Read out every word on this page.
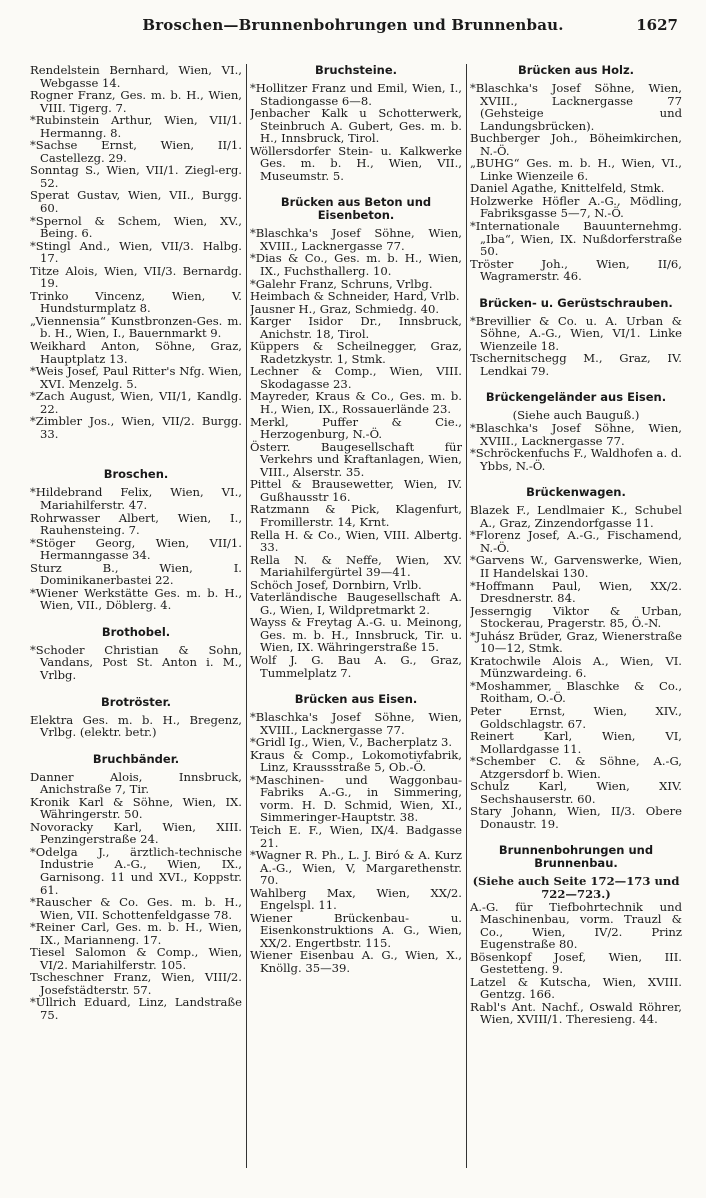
Broschen—Brunnenbohrungen und Brunnenbau.	1627
Rendelstein Bernhard, Wien, VI., Webgasse 14.
Rogner Franz, Ges. m. b. H., Wien, VIII. Tigerg. 7.
*Rubinstein Arthur, Wien, VII/1. Hermanng. 8.
*Sachse Ernst, Wien, II/1. Castellezg. 29.
Sonntag S., Wien, VII/1. Ziegl-erg. 52.
Sperat Gustav, Wien, VII., Burgg. 60.
*Spernol & Schem, Wien, XV., Being. 6.
*Stingl And., Wien, VII/3. Halbg. 17.
Titze Alois, Wien, VII/3. Bernardg. 19.
Trinko Vincenz, Wien, V. Hundsturmplatz 8.
„Viennensia“ Kunstbronzen-Ges. m. b. H., Wien, I., Bauernmarkt 9.
Weikhard Anton, Söhne, Graz, Hauptplatz 13.
*Weis Josef, Paul Ritter's Nfg. Wien, XVI. Menzelg. 5.
*Zach August, Wien, VII/1, Kandlg. 22.
*Zimbler Jos., Wien, VII/2. Burgg. 33.
Broschen.
*Hildebrand Felix, Wien, VI., Mariahilferstr. 47.
Rohrwasser Albert, Wien, I., Rauhensteing. 7.
*Stöger Georg, Wien, VII/1. Hermanngasse 34.
Sturz B., Wien, I. Dominikanerbastei 22.
*Wiener Werkstätte Ges. m. b. H., Wien, VII., Döblerg. 4.
Brothobel.
*Schoder Christian & Sohn, Vandans, Post St. Anton i. M., Vrlbg.
Brotröster.
Elektra Ges. m. b. H., Bregenz, Vrlbg. (elektr. betr.)
Bruchbänder.
Danner Alois, Innsbruck, Anichstraße 7, Tir.
Kronik Karl & Söhne, Wien, IX. Währingerstr. 50.
Novoracky Karl, Wien, XIII. Penzingerstraße 24.
*Odelga J., ärztlich-technische Industrie A.-G., Wien, IX., Garnisong. 11 und XVI., Koppstr. 61.
*Rauscher & Co. Ges. m. b. H., Wien, VII. Schottenfeldgasse 78.
*Reiner Carl, Ges. m. b. H., Wien, IX., Marianneng. 17.
Tiesel Salomon & Comp., Wien, VI/2. Mariahilferstr. 105.
Tscheschner Franz, Wien, VIII/2. Josefstädterstr. 57.
*Ullrich Eduard, Linz, Landstraße 75.
Bruchsteine.
*Hollitzer Franz und Emil, Wien, I., Stadiongasse 6—8.
Jenbacher Kalk u Schotterwerk, Steinbruch A. Gubert, Ges. m. b. H., Innsbruck, Tirol.
Wöllersdorfer Stein- u. Kalkwerke Ges. m. b. H., Wien, VII., Museumstr. 5.
Brücken aus Beton und Eisenbeton.
*Blaschka's Josef Söhne, Wien, XVIII., Lacknergasse 77.
*Dias & Co., Ges. m. b. H., Wien, IX., Fuchsthallerg. 10.
*Galehr Franz, Schruns, Vrlbg.
Heimbach & Schneider, Hard, Vrlb.
Jausner H., Graz, Schmiedg. 40.
Karger Isidor Dr., Innsbruck, Anichstr. 18, Tirol.
Küppers & Scheilnegger, Graz, Radetzkystr. 1, Stmk.
Lechner & Comp., Wien, VIII. Skodagasse 23.
Mayreder, Kraus & Co., Ges. m. b. H., Wien, IX., Rossauerlände 23.
Merkl, Puffer & Cie., Herzogenburg, N.-Ö.
Österr. Baugesellschaft für Verkehrs und Kraftanlagen, Wien, VIII., Alserstr. 35.
Pittel & Brausewetter, Wien, IV. Gußhausstr 16.
Ratzmann & Pick, Klagenfurt, Fromillerstr. 14, Krnt.
Rella H. & Co., Wien, VIII. Albertg. 33.
Rella N. & Neffe, Wien, XV. Mariahilfergürtel 39—41.
Schöch Josef, Dornbirn, Vrlb.
Vaterländische Baugesellschaft A. G., Wien, I, Wildpretmarkt 2.
Wayss & Freytag A.-G. u. Meinong, Ges. m. b. H., Innsbruck, Tir. u. Wien, IX. Währingerstraße 15.
Wolf J. G. Bau A. G., Graz, Tummelplatz 7.
Brücken aus Eisen.
*Blaschka's Josef Söhne, Wien, XVIII., Lacknergasse 77.
*Gridl Ig., Wien, V., Bacherplatz 3.
Kraus & Comp., Lokomotivfabrik, Linz, Kraussstraße 5, Ob.-Ö.
*Maschinen- und Waggonbau-Fabriks A.-G., in Simmering, vorm. H. D. Schmid, Wien, XI., Simmeringer-Hauptstr. 38.
Teich E. F., Wien, IX/4. Badgasse 21.
*Wagner R. Ph., L. J. Biró & A. Kurz A.-G., Wien, V, Margarethenstr. 70.
Wahlberg Max, Wien, XX/2. Engelspl. 11.
Wiener Brückenbau- u. Eisenkonstruktions A. G., Wien, XX/2. Engertbstr. 115.
Wiener Eisenbau A. G., Wien, X., Knöllg. 35—39.
Brücken aus Holz.
*Blaschka's Josef Söhne, Wien, XVIII., Lacknergasse 77 (Gehsteige und Landungsbrücken).
Buchberger Joh., Böheimkirchen, N.-Ö.
„BUHG“ Ges. m. b. H., Wien, VI., Linke Wienzeile 6.
Daniel Agathe, Knittelfeld, Stmk.
Holzwerke Höfler A.-G., Mödling, Fabriksgasse 5—7, N.-Ö.
*Internationale Bauunternehmg. „Iba“, Wien, IX. Nußdorferstraße 50.
Tröster Joh., Wien, II/6, Wagramerstr. 46.
Brücken- u. Gerüstschrauben.
*Brevillier & Co. u. A. Urban & Söhne, A.-G., Wien, VI/1. Linke Wienzeile 18.
Tschernitschegg M., Graz, IV. Lendkai 79.
Brückengeländer aus Eisen.
(Siehe auch Bauguß.)
*Blaschka's Josef Söhne, Wien, XVIII., Lacknergasse 77.
*Schröckenfuchs F., Waldhofen a. d. Ybbs, N.-Ö.
Brückenwagen.
Blazek F., Lendlmaier K., Schubel A., Graz, Zinzendorfgasse 11.
*Florenz Josef, A.-G., Fischamend, N.-Ö.
*Garvens W., Garvenswerke, Wien, II Handelskai 130.
*Hoffmann Paul, Wien, XX/2. Dresdnerstr. 84.
Jesserngig Viktor & Urban, Stockerau, Pragerstr. 85, Ö.-N.
*Juhász Brüder, Graz, Wienerstraße 10—12, Stmk.
Kratochwile Alois A., Wien, VI. Münzwardeing. 6.
*Moshammer, Blaschke & Co., Roitham, O.-Ö.
Peter Ernst, Wien, XIV., Goldschlagstr. 67.
Reinert Karl, Wien, VI, Mollardgasse 11.
*Schember C. & Söhne, A.-G, Atzgersdorf b. Wien.
Schulz Karl, Wien, XIV. Sechshauserstr. 60.
Stary Johann, Wien, II/3. Obere Donaustr. 19.
Brunnenbohrungen und Brunnenbau.
(Siehe auch Seite 172—173 und 722—723.)
A.-G. für Tiefbohrtechnik und Maschinenbau, vorm. Trauzl & Co., Wien, IV/2. Prinz Eugenstraße 80.
Bösenkopf Josef, Wien, III. Gestetteng. 9.
Latzel & Kutscha, Wien, XVIII. Gentzg. 166.
Rabl's Ant. Nachf., Oswald Röhrer, Wien, XVIII/1. Theresieng. 44.
